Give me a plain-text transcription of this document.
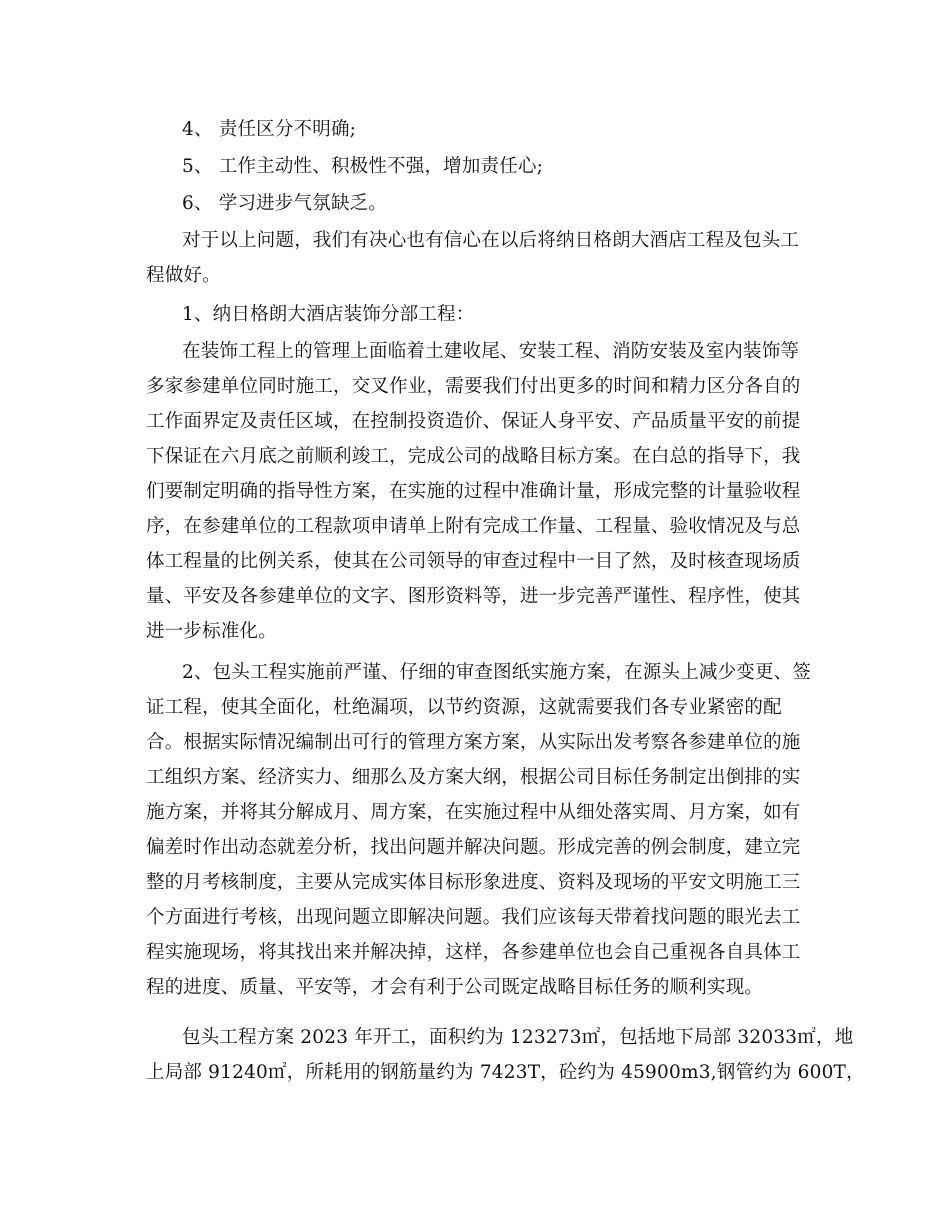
4、 责任区分不明确;
5、 工作主动性、积极性不强，增加责任心;
6、 学习进步气氛缺乏。
对于以上问题，我们有决心也有信心在以后将纳日格朗大酒店工程及包头工
程做好。
1、纳日格朗大酒店装饰分部工程：
在装饰工程上的管理上面临着土建收尾、安装工程、消防安装及室内装饰等
多家参建单位同时施工，交叉作业，需要我们付出更多的时间和精力区分各自的
工作面界定及责任区域，在控制投资造价、保证人身平安、产品质量平安的前提
下保证在六月底之前顺利竣工，完成公司的战略目标方案。在白总的指导下，我
们要制定明确的指导性方案，在实施的过程中准确计量，形成完整的计量验收程
序，在参建单位的工程款项申请单上附有完成工作量、工程量、验收情况及与总
体工程量的比例关系，使其在公司领导的审查过程中一目了然，及时核查现场质
量、平安及各参建单位的文字、图形资料等，进一步完善严谨性、程序性，使其
进一步标准化。
2、包头工程实施前严谨、仔细的审查图纸实施方案，在源头上减少变更、签
证工程，使其全面化，杜绝漏项，以节约资源，这就需要我们各专业紧密的配
合。根据实际情况编制出可行的管理方案方案，从实际出发考察各参建单位的施
工组织方案、经济实力、细那么及方案大纲，根据公司目标任务制定出倒排的实
施方案，并将其分解成月、周方案，在实施过程中从细处落实周、月方案，如有
偏差时作出动态就差分析，找出问题并解决问题。形成完善的例会制度，建立完
整的月考核制度，主要从完成实体目标形象进度、资料及现场的平安文明施工三
个方面进行考核，出现问题立即解决问题。我们应该每天带着找问题的眼光去工
程实施现场，将其找出来并解决掉，这样，各参建单位也会自己重视各自具体工
程的进度、质量、平安等，才会有利于公司既定战略目标任务的顺利实现。
包头工程方案 2023 年开工，面积约为 123273㎡，包括地下局部 32033㎡，地
上局部 91240㎡，所耗用的钢筋量约为 7423T，砼约为 45900m3,钢管约为 600T，
